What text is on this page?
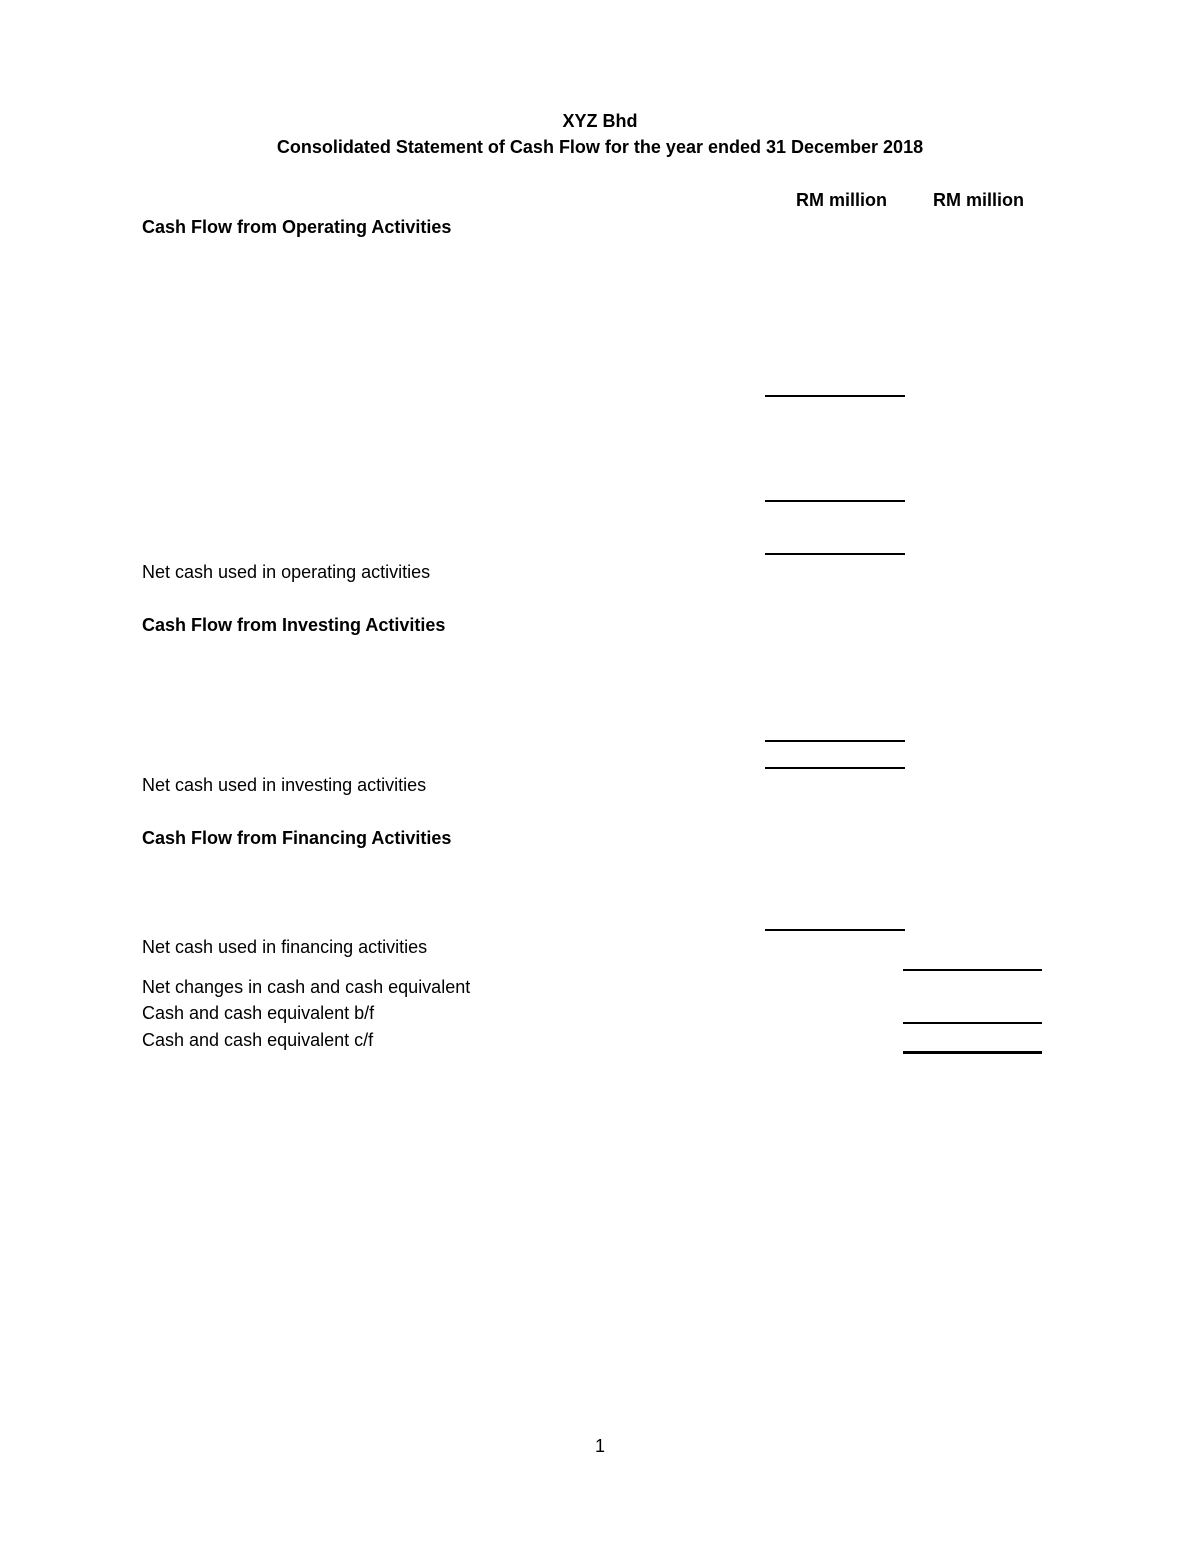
XYZ Bhd
Consolidated Statement of Cash Flow for the year ended 31 December 2018
RM million	RM million
Cash Flow from Operating Activities
Net cash used in operating activities
Cash Flow from Investing Activities
Net cash used in investing activities
Cash Flow from Financing Activities
Net cash used in financing activities
Net changes in cash and cash equivalent
Cash and cash equivalent b/f
Cash and cash equivalent c/f
1
